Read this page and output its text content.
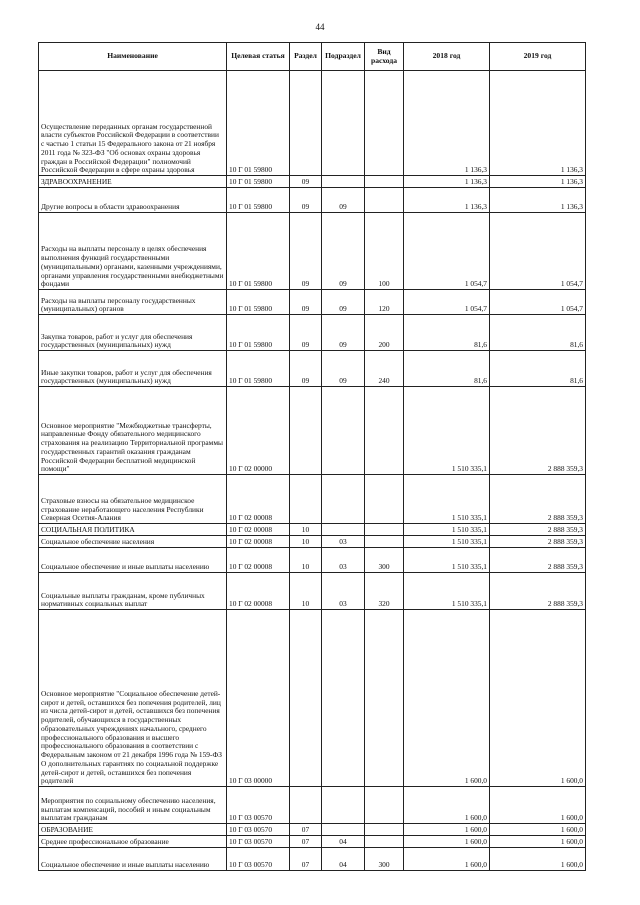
44
Наименование	Целевая статья	Раздел	Подраздел	Вид расхода	2018 год	2019 год
Осуществление переданных органам государственной власти субъектов Российской Федерации в соответствии с частью 1 статьи 15 Федерального закона от 21 ноября 2011 года № 323-ФЗ "Об основах охраны здоровья граждан в Российской Федерации" полномочий Российской Федерации в сфере охраны здоровья	10 Г 01 59800				1 136,3	1 136,3
ЗДРАВООХРАНЕНИЕ	10 Г 01 59800	09			1 136,3	1 136,3
Другие вопросы в области здравоохранения	10 Г 01 59800	09	09		1 136,3	1 136,3
Расходы на выплаты персоналу в целях обеспечения выполнения функций государственными (муниципальными) органами, казенными учреждениями, органами управления государственными внебюджетными фондами	10 Г 01 59800	09	09	100	1 054,7	1 054,7
Расходы на выплаты персоналу государственных (муниципальных) органов	10 Г 01 59800	09	09	120	1 054,7	1 054,7
Закупка товаров, работ и услуг для обеспечения государственных (муниципальных) нужд	10 Г 01 59800	09	09	200	81,6	81,6
Иные закупки товаров, работ и услуг для обеспечения государственных (муниципальных) нужд	10 Г 01 59800	09	09	240	81,6	81,6
Основное мероприятие "Межбюджетные трансферты, направленные Фонду обязательного медицинского страхования на реализацию Территориальной программы государственных гарантий оказания гражданам Российской Федерации бесплатной медицинской помощи"	10 Г 02 00000				1 510 335,1	2 888 359,3
Страховые взносы на обязательное медицинское страхование неработающего населения Республики Северная Осетия-Алания	10 Г 02 00008				1 510 335,1	2 888 359,3
СОЦИАЛЬНАЯ ПОЛИТИКА	10 Г 02 00008	10			1 510 335,1	2 888 359,3
Социальное обеспечение населения	10 Г 02 00008	10	03		1 510 335,1	2 888 359,3
Социальное обеспечение и иные выплаты населению	10 Г 02 00008	10	03	300	1 510 335,1	2 888 359,3
Социальные выплаты гражданам, кроме публичных нормативных социальных выплат	10 Г 02 00008	10	03	320	1 510 335,1	2 888 359,3
Основное мероприятие "Социальное обеспечение детей-сирот и детей, оставшихся без попечения родителей, лиц из числа детей-сирот и детей, оставшихся без попечения родителей, обучающихся в государственных образовательных учреждениях начального, среднего профессионального образования и высшего профессионального образования в соответствии с Федеральным законом от 21 декабря 1996 года № 159-ФЗ О дополнительных гарантиях по социальной поддержке детей-сирот и детей, оставшихся без попечения родителей	10 Г 03 00000				1 600,0	1 600,0
Мероприятия по социальному обеспечению населения, выплатам компенсаций, пособий и иным социальным выплатам гражданам	10 Г 03 00570				1 600,0	1 600,0
ОБРАЗОВАНИЕ	10 Г 03 00570	07			1 600,0	1 600,0
Среднее профессиональное образование	10 Г 03 00570	07	04		1 600,0	1 600,0
Социальное обеспечение и иные выплаты населению	10 Г 03 00570	07	04	300	1 600,0	1 600,0
